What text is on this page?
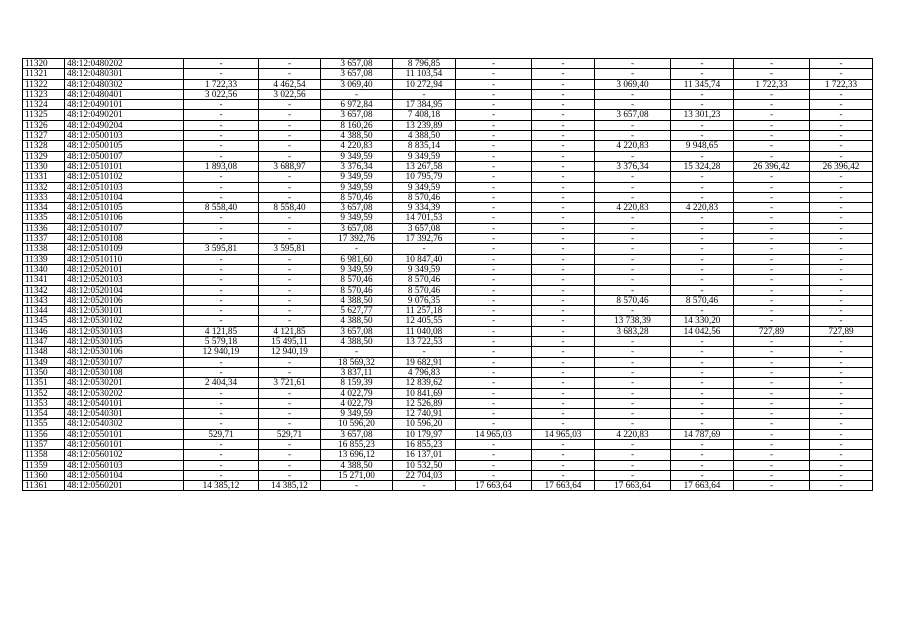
11320	48:12:0480202	-	-	3 657,08	8 796,85	-	-	-	-	-	-
11321	48:12:0480301	-	-	3 657,08	11 103,54	-	-	-	-	-	-
11322	48:12:0480302	1 722,33	4 462,54	3 069,40	10 272,94	-	-	3 069,40	11 345,74	1 722,33	1 722,33
11323	48:12:0480401	3 022,56	3 022,56	-	-	-	-	-	-	-	-
11324	48:12:0490101	-	-	6 972,84	17 384,95	-	-	-	-	-	-
11325	48:12:0490201	-	-	3 657,08	7 408,18	-	-	3 657,08	13 301,23	-	-
11326	48:12:0490204	-	-	8 160,26	13 239,89	-	-	-	-	-	-
11327	48:12:0500103	-	-	4 388,50	4 388,50	-	-	-	-	-	-
11328	48:12:0500105	-	-	4 220,83	8 835,14	-	-	4 220,83	9 948,65	-	-
11329	48:12:0500107	-	-	9 349,59	9 349,59	-	-	-	-	-	-
11330	48:12:0510101	1 893,08	3 688,97	3 376,34	13 267,58	-	-	3 376,34	15 324,28	26 396,42	26 396,42
11331	48:12:0510102	-	-	9 349,59	10 795,79	-	-	-	-	-	-
11332	48:12:0510103	-	-	9 349,59	9 349,59	-	-	-	-	-	-
11333	48:12:0510104	-	-	8 570,46	8 570,46	-	-	-	-	-	-
11334	48:12:0510105	8 558,40	8 558,40	3 657,08	9 334,39	-	-	4 220,83	4 220,83	-	-
11335	48:12:0510106	-	-	9 349,59	14 701,53	-	-	-	-	-	-
11336	48:12:0510107	-	-	3 657,08	3 657,08	-	-	-	-	-	-
11337	48:12:0510108	-	-	17 392,76	17 392,76	-	-	-	-	-	-
11338	48:12:0510109	3 595,81	3 595,81	-	-	-	-	-	-	-	-
11339	48:12:0510110	-	-	6 981,60	10 847,40	-	-	-	-	-	-
11340	48:12:0520101	-	-	9 349,59	9 349,59	-	-	-	-	-	-
11341	48:12:0520103	-	-	8 570,46	8 570,46	-	-	-	-	-	-
11342	48:12:0520104	-	-	8 570,46	8 570,46	-	-	-	-	-	-
11343	48:12:0520106	-	-	4 388,50	9 076,35	-	-	8 570,46	8 570,46	-	-
11344	48:12:0530101	-	-	5 627,77	11 257,18	-	-	-	-	-	-
11345	48:12:0530102	-	-	4 388,50	12 405,55	-	-	13 738,39	14 330,20	-	-
11346	48:12:0530103	4 121,85	4 121,85	3 657,08	11 040,08	-	-	3 683,28	14 042,56	727,89	727,89
11347	48:12:0530105	5 579,18	15 495,11	4 388,50	13 722,53	-	-	-	-	-	-
11348	48:12:0530106	12 940,19	12 940,19	-	-	-	-	-	-	-	-
11349	48:12:0530107	-	-	18 569,32	19 682,91	-	-	-	-	-	-
11350	48:12:0530108	-	-	3 837,11	4 796,83	-	-	-	-	-	-
11351	48:12:0530201	2 404,34	3 721,61	8 159,39	12 839,62	-	-	-	-	-	-
11352	48:12:0530202	-	-	4 022,79	10 841,69	-	-	-	-	-	-
11353	48:12:0540101	-	-	4 022,79	12 526,89	-	-	-	-	-	-
11354	48:12:0540301	-	-	9 349,59	12 740,91	-	-	-	-	-	-
11355	48:12:0540302	-	-	10 596,20	10 596,20	-	-	-	-	-	-
11356	48:12:0550101	529,71	529,71	3 657,08	10 179,97	14 965,03	14 965,03	4 220,83	14 787,69	-	-
11357	48:12:0560101	-	-	16 855,23	16 855,23	-	-	-	-	-	-
11358	48:12:0560102	-	-	13 696,12	16 137,01	-	-	-	-	-	-
11359	48:12:0560103	-	-	4 388,50	10 532,50	-	-	-	-	-	-
11360	48:12:0560104	-	-	15 271,00	22 704,03	-	-	-	-	-	-
11361	48:12:0560201	14 385,12	14 385,12	-	-	17 663,64	17 663,64	17 663,64	17 663,64	-	-
